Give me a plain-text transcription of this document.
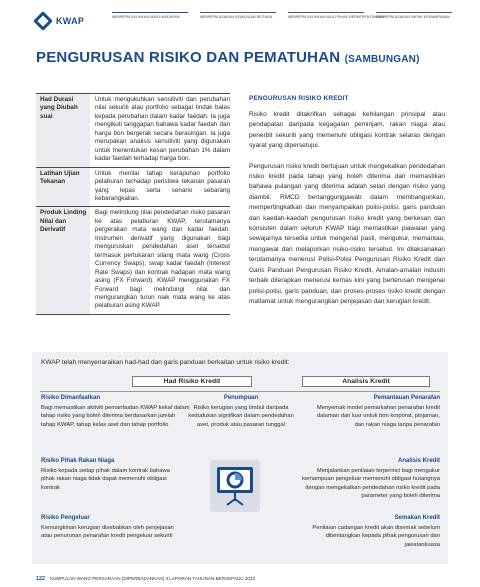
KWAP	MEMPERKUKUHKAN MASA HADAPAN	MEMPERKASAKAN KEMAJUAN NEGARA	MEMPERKUKUHKAN NILAI PIHAK BERKEPENTINGAN
MEMPERKASAKAN IMPAK KEMAMPANAN
PENGURUSAN RISIKO DAN PEMATUHAN (SAMBUNGAN)
Had Durasi yang Diubah suai	Untuk mengukuhkan sensitiviti dan perubahan nilai sekuriti atau portfolio sebagai tindak balas kepada perubahan dalam kadar faedah. Ia juga mengikuti tanggapan bahawa kadar faedah dan harga bon bergerak secara berasingan. Ia juga merupakan analisis sensitiviti yang digunakan untuk menentukan kesan perubahan 1% dalam kadar faedah terhadap harga bon.
Latihan Ujian Tekanan	Untuk menilai tahap kerapuhan portfolio pelaburan terhadap peristiwa tekanan pasaran yang lepas serta senario sebarang kebarangkalian.
Produk Linding Nilai dan Derivatif	Bagi melindung nilai pendedahan risiko pasaran ke atas pelaburan KWAP, terutamanya pergerakan mata wang dan kadar faedah. Instrumen derivatif yang digunakan bagi menguruskan pendedahan aset tersebut termasuk pertukaran silang mata wang (Cross Currency Swaps), swap kadar faedah (Interest Rate Swaps) dan kontrak hadapan mata wang asing (FX Forward). KWAP menggunakan FX Forward bagi melindungi nilai dan mengurangkan turun naik mata wang ke atas pelaburan asing KWAP.
PENGURUSAN RISIKO KREDIT

Risiko kredit ditakrifkan sebagai kehilangan prinsipal atau pendapatan daripada kegagalan peminjam, rakan niaga atau penerbit sekuriti yang memenuhi obligasi kontrak selaras dengan syarat yang dipersetujui.

Pengurusan risiko kredit bertujuan untuk mengekalkan pendedahan risiko kredit pada tahap yang boleh diterima dan memastikan bahawa pulangan yang diterima adalah selari dengan risiko yang diambil. RMCD bertanggungjawab dalam membangunkan, mempertingkatkan dan menyampaikan polisi-polisi, garis panduan dan kaedah-kaedah pengurusan risiko kredit yang berkesan dan konsisten dalam seluruh KWAP bagi memastikan piawaian yang sewajarnya tersedia untuk mengenal pasti, mengukur, memantau, mengawal dan melaporkan risiko-risiko tersebut. Ini dilaksanakan terutamanya menerusi Polisi-Polisi Pengurusan Risiko Kredit dan Garis Panduan Pengurusan Risiko Kredit. Amalan-amalan industri terbaik diterapkan menerusi kemas kini yang berterusan mengenai polisi-polisi, garis panduan, dan proses-proses risiko kredit dengan matlamat untuk mengurangkan penjejasan dan kerugian kredit.

KWAP telah menyenaraikan had-had dan garis panduan berkaitan untuk risiko kredit:
Had Risiko Kredit	Analisis Kredit
Risiko Dimanfaatkan
Bagi memastikan aktiviti pemanfaatan KWAP kekal dalam tahap risiko yang boleh diterima berdasarkan jumlah tahap KWAP, tahap kelas aset dan tahap portfolio
Penumpuan
Risiko kerugian yang timbul daripada kedudukan signifikan dalam pendedahan aset, produk atau pasaran tunggal
Pemantauan Penarafan
Menyemak model pemarkahan penarafan kredit dalaman dan luar untuk bon korporat, pinjaman, dan rakan niaga tanpa penarafan
Risiko Pihak Rakan Niaga
Risiko kepada setiap pihak dalam kontrak bahawa pihak rakan niaga tidak dapat memenuhi obligasi kontrak
Analisis Kredit
Menjalankan penilaian terperinci bagi mengukur kemampuan pengeluar memenuhi obligasi hutangnya dengan mengekalkan pendedahan risiko kredit pada parameter yang boleh diterima
Risiko Pengeluar
Kemungkinan kerugian disebabkan oleh penjejasan atau penurunan penarafan kredit pengeluar sekuriti
Semakan Kredit
Penilaian cadangan kredit akan disemak sebelum dibentangkan kepada pihak pengurusan dan jawatankuasa
122 KUMPULAN WANG PERSARAAN (DIPERBADANKAN) II LAPORAN TAHUNAN BERSEPADU 2023
